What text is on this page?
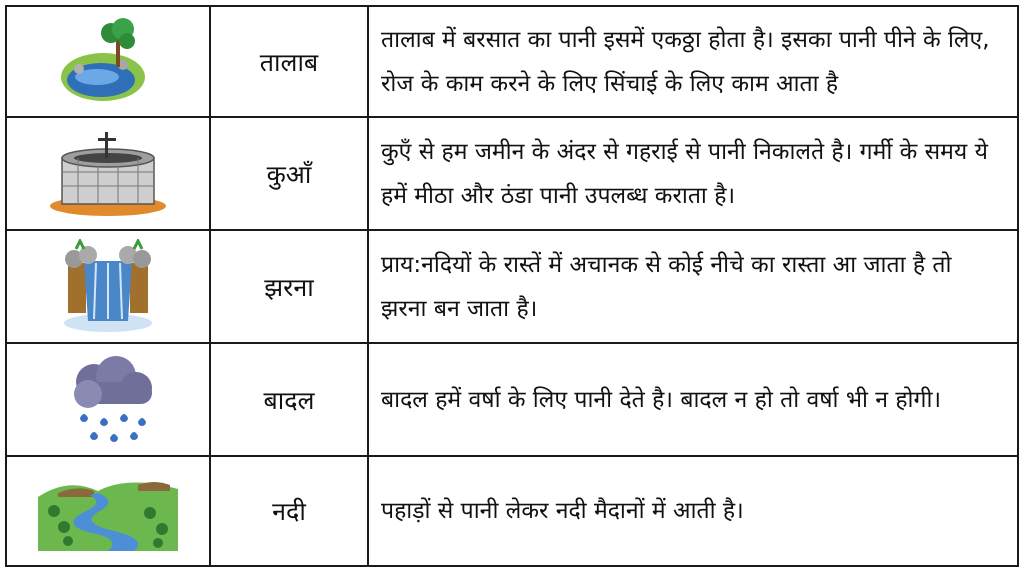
तालाब
तालाब में बरसात का पानी इसमें एकठ्ठा होता है। इसका पानी पीने के लिए, रोज के काम करने के लिए सिंचाई के लिए काम आता है
कुआँ
कुएँ से हम जमीन के अंदर से गहराई से पानी निकालते है। गर्मी के समय ये हमें मीठा और ठंडा पानी उपलब्ध कराता है।
झरना
प्राय:नदियों के रास्तें में अचानक से कोई नीचे का रास्ता आ जाता है तो झरना बन जाता है।
बादल	बादल हमें वर्षा के लिए पानी देते है। बादल न हो तो वर्षा भी न होगी।
नदी	पहाड़ों से पानी लेकर नदी मैदानों में आती है।
